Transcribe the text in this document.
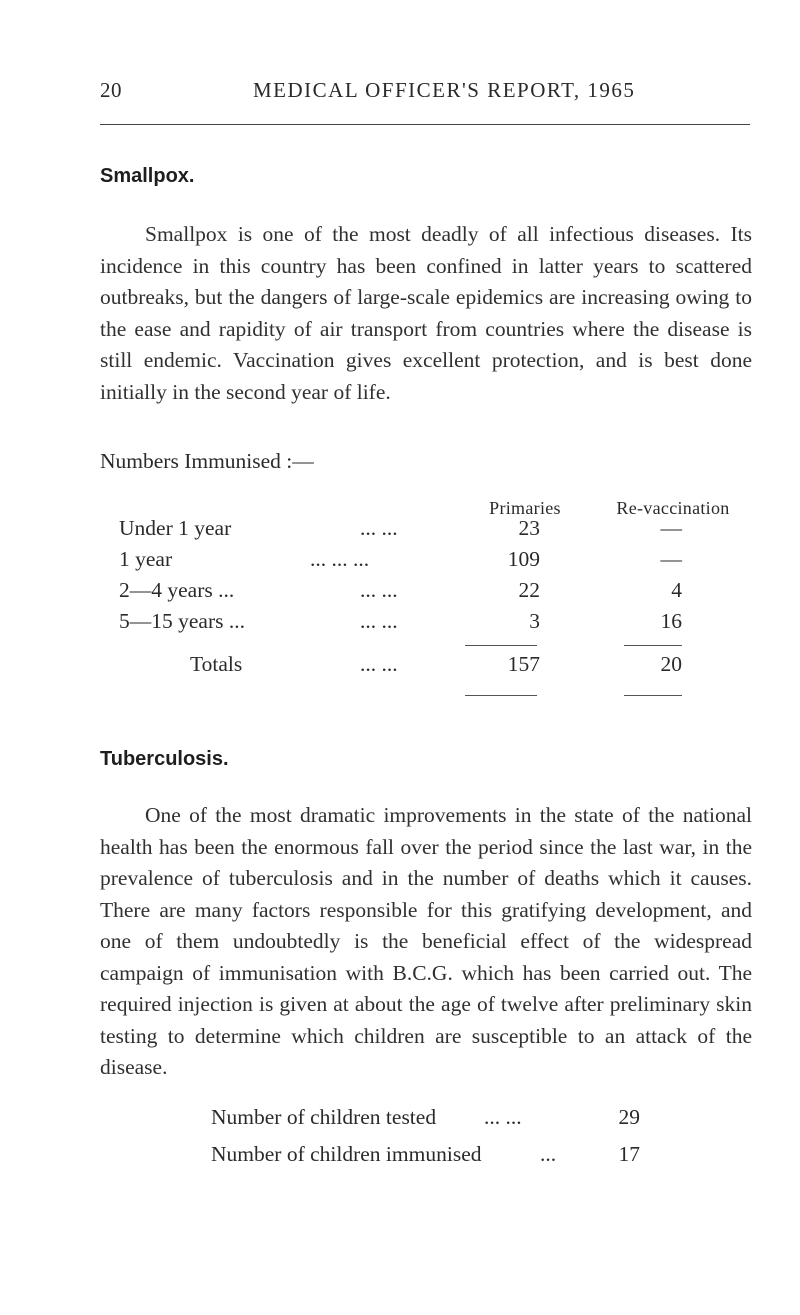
20	MEDICAL OFFICER'S REPORT, 1965
Smallpox.

Smallpox is one of the most deadly of all infectious diseases. Its incidence in this country has been confined in latter years to scattered outbreaks, but the dangers of large-scale epidemics are increasing owing to the ease and rapidity of air transport from countries where the disease is still endemic. Vaccination gives excellent protection, and is best done initially in the second year of life.

Numbers Immunised :—
Primaries	Re-vaccination
Under 1 year	... ...	23	—
1 year	... ... ...	109	—
2—4 years ...	... ...	22	4
5—15 years ...	... ...	3	16
Totals	... ...	157	20
Tuberculosis.

One of the most dramatic improvements in the state of the national health has been the enormous fall over the period since the last war, in the prevalence of tuberculosis and in the number of deaths which it causes. There are many factors responsible for this gratifying development, and one of them undoubtedly is the beneficial effect of the widespread campaign of immunisation with B.C.G. which has been carried out. The required injection is given at about the age of twelve after preliminary skin testing to determine which children are susceptible to an attack of the disease.

Number of children tested ... ...	29
Number of children immunised	...	17
